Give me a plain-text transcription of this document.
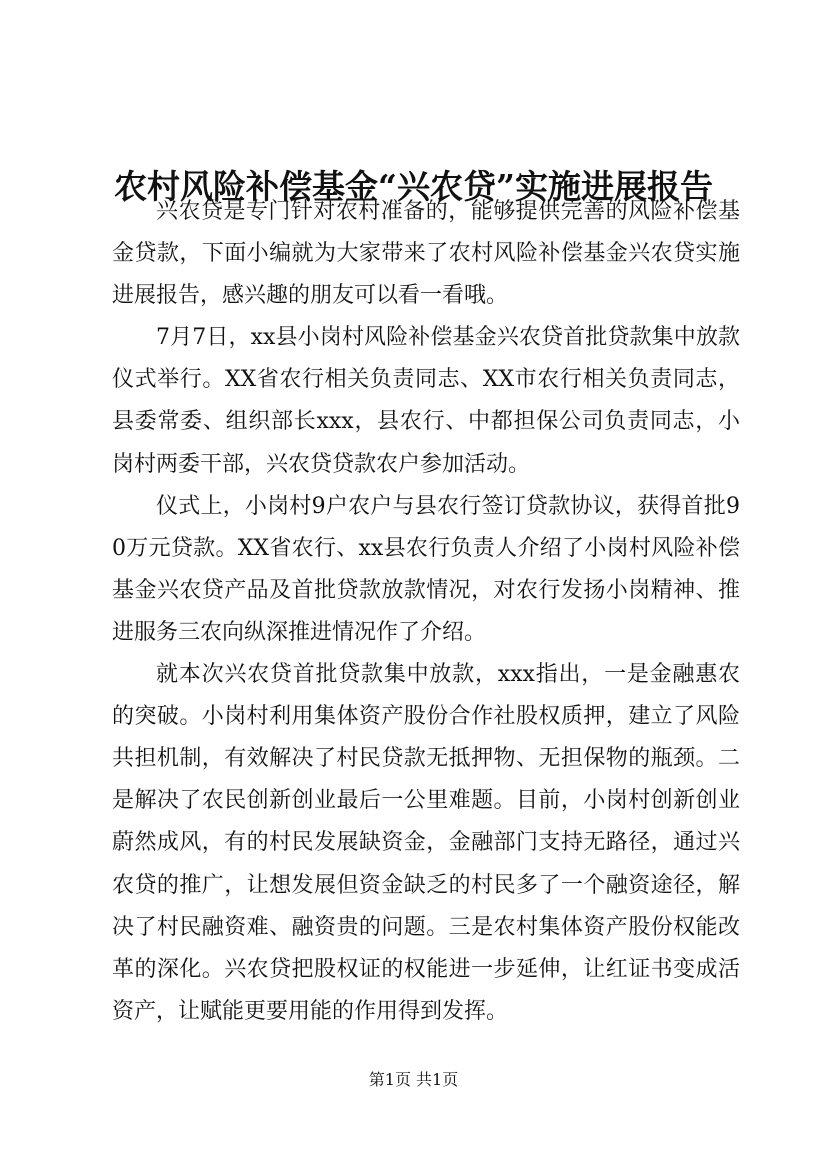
农村风险补偿基金“兴农贷”实施进展报告

兴农贷是专门针对农村准备的，能够提供完善的风险补偿基金贷款，下面小编就为大家带来了农村风险补偿基金兴农贷实施进展报告，感兴趣的朋友可以看一看哦。

7月7日，xx县小岗村风险补偿基金兴农贷首批贷款集中放款仪式举行。XX省农行相关负责同志、XX市农行相关负责同志，县委常委、组织部长xxx，县农行、中都担保公司负责同志，小岗村两委干部，兴农贷贷款农户参加活动。

仪式上，小岗村9户农户与县农行签订贷款协议，获得首批90万元贷款。XX省农行、xx县农行负责人介绍了小岗村风险补偿基金兴农贷产品及首批贷款放款情况，对农行发扬小岗精神、推进服务三农向纵深推进情况作了介绍。

就本次兴农贷首批贷款集中放款，xxx指出，一是金融惠农的突破。小岗村利用集体资产股份合作社股权质押，建立了风险共担机制，有效解决了村民贷款无抵押物、无担保物的瓶颈。二是解决了农民创新创业最后一公里难题。目前，小岗村创新创业蔚然成风，有的村民发展缺资金，金融部门支持无路径，通过兴农贷的推广，让想发展但资金缺乏的村民多了一个融资途径，解决了村民融资难、融资贵的问题。三是农村集体资产股份权能改革的深化。兴农贷把股权证的权能进一步延伸，让红证书变成活资产，让赋能更要用能的作用得到发挥。

第1页 共1页
